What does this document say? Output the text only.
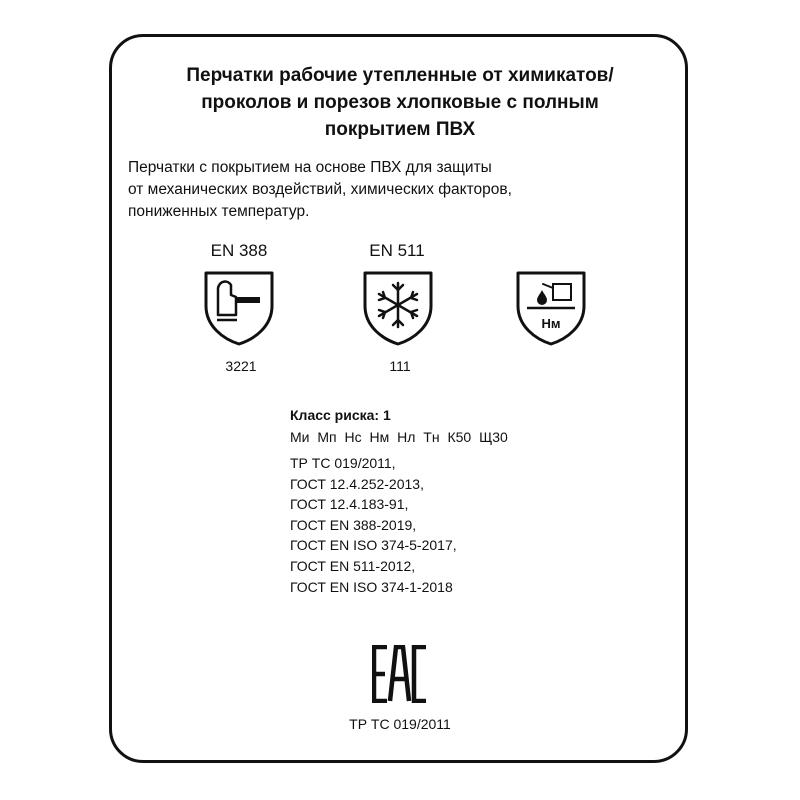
Перчатки рабочие утепленные от химикатов/
проколов и порезов хлопковые с полным
покрытием ПВХ

Перчатки с покрытием на основе ПВХ для защиты
от механических воздействий, химических факторов,
пониженных температур.

EN 388
3221
EN 511
111
Нм

Класс риска: 1
Ми Мп Нс Нм Нл Тн К50 Щ30

ТР ТС 019/2011,
ГОСТ 12.4.252-2013,
ГОСТ 12.4.183-91,
ГОСТ EN 388-2019,
ГОСТ EN ISO 374-5-2017,
ГОСТ EN 511-2012,
ГОСТ EN ISO 374-1-2018
ТР ТС 019/2011
